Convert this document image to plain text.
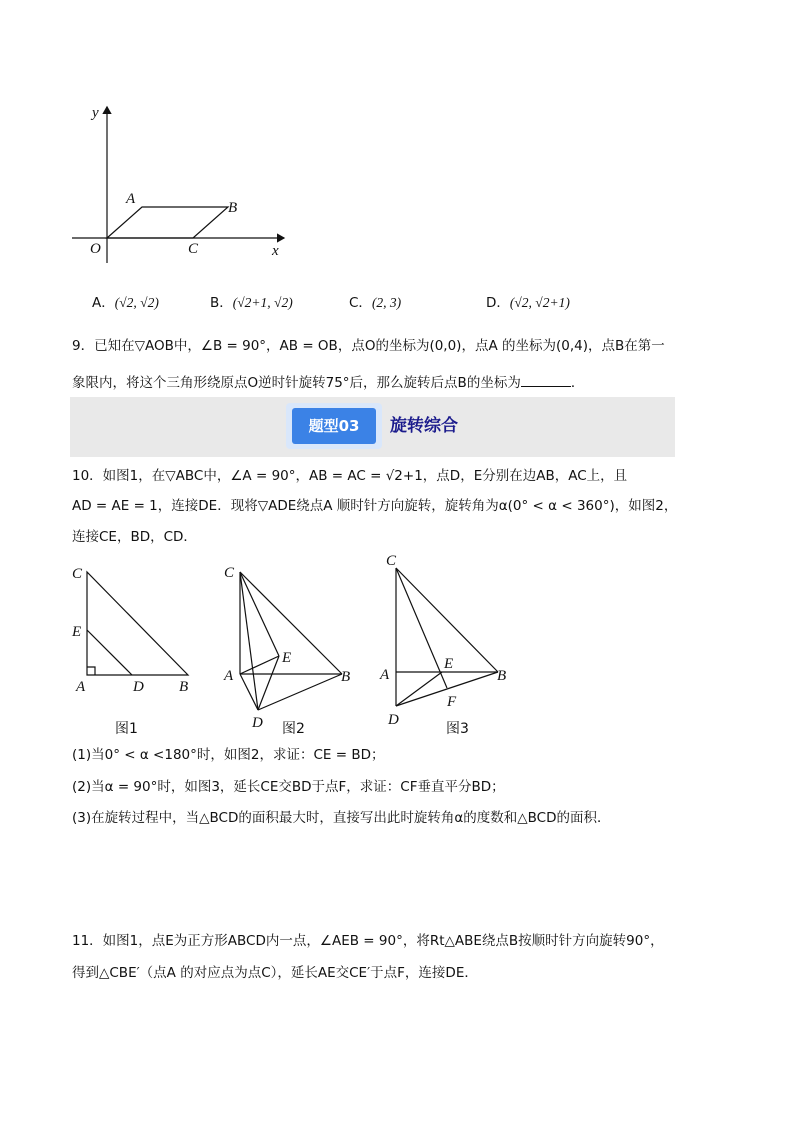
y
x
O
A
B
C
A．(√2, √2)	B．(√2+1, √2)	C．(2, 3)	D．(√2, √2+1)
9．已知在▽AOB中，∠B = 90°，AB = OB，点O的坐标为(0,0)，点A 的坐标为(0,4)，点B在第一
象限内，将这个三角形绕原点O逆时针旋转75°后，那么旋转后点B的坐标为	．
题型03	旋转综合
10．如图1，在▽ABC中，∠A = 90°，AB = AC = √2+1，点D，E分别在边AB，AC上，且
AD = AE = 1，连接DE．现将▽ADE绕点A 顺时针方向旋转，旋转角为α(0° < α < 360°)，如图2，
连接CE，BD，CD．
C
E
A	D B
图1
C
E
A	B
D 图2
C
E
A	B
D
F
图3
(1)当0° < α <180°时，如图2，求证：CE = BD；
(2)当α = 90°时，如图3，延长CE交BD于点F，求证：CF垂直平分BD；
(3)在旋转过程中，当△BCD的面积最大时，直接写出此时旋转角α的度数和△BCD的面积．
11．如图1，点E为正方形ABCD内一点，∠AEB = 90°，将Rt△ABE绕点B按顺时针方向旋转90°，
得到△CBE′（点A 的对应点为点C），延长AE交CE′于点F，连接DE．
